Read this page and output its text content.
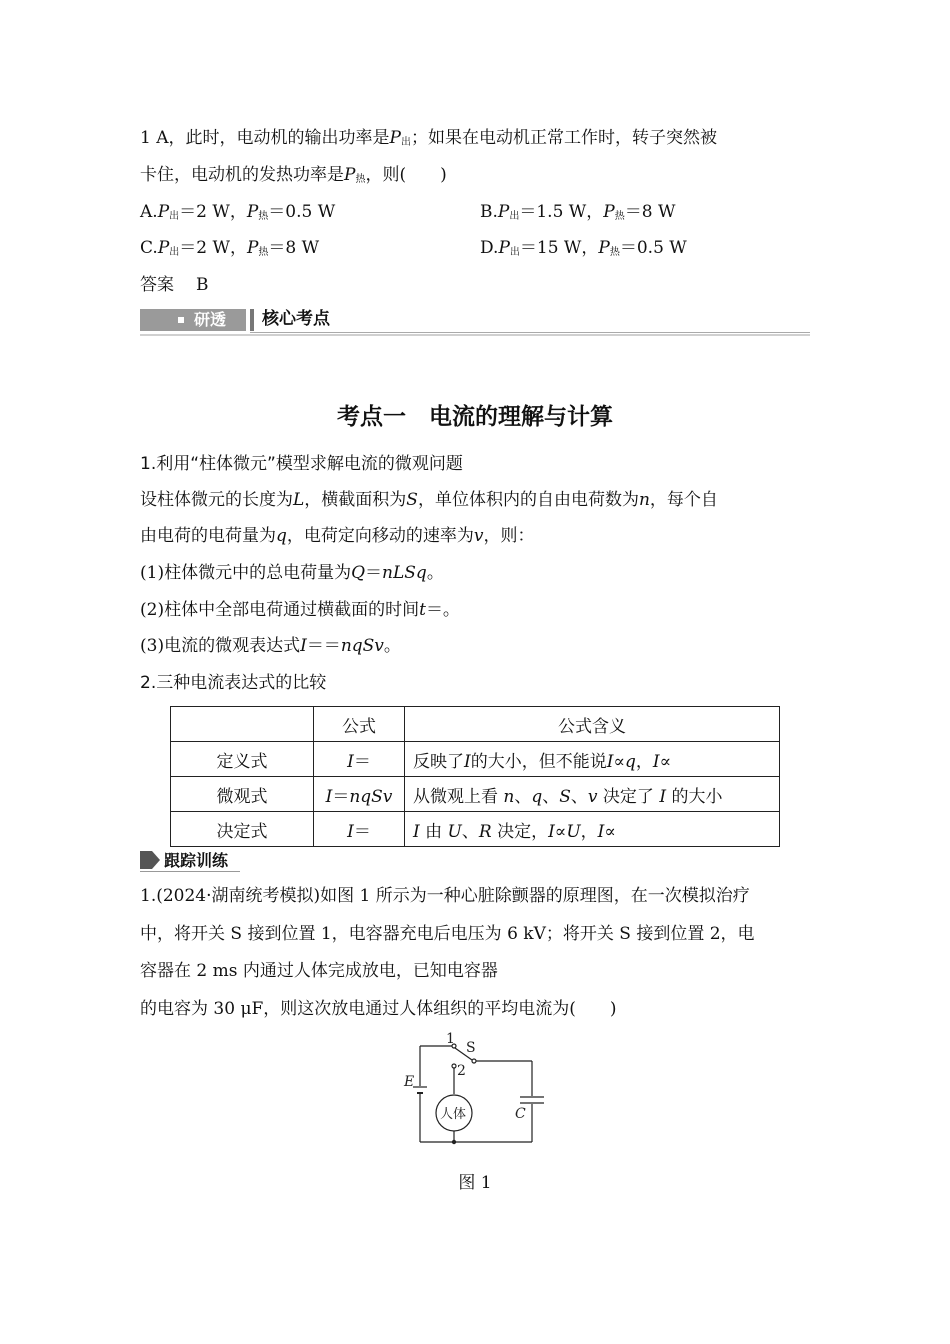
1 A，此时，电动机的输出功率是$P_出$；如果在电动机正常工作时，转子突然被
卡住，电动机的发热功率是$P_热$，则(　　)
$A.P_出=2$ W，$P_热=0.5$ W	$B.P_出=1.5$ W，$P_热=8$ W
$C.P_出=2$ W，$P_热=8$ W	$D.P_出=15$ W，$P_热=0.5$ W
答案 B
研透 核心考点
考点一　电流的理解与计算
1.利用“柱体微元”模型求解电流的微观问题
设柱体微元的长度为L，横截面积为S，单位体积内的自由电荷数为n，每个自
由电荷的电荷量为q，电荷定向移动的速率为v，则：
(1)柱体微元中的总电荷量为Q＝nLSq。
(2)柱体中全部电荷通过横截面的时间t＝。
(3)电流的微观表达式I＝＝nqSv。
2.三种电流表达式的比较
	公式	公式含义
定义式	I＝	反映了I的大小，但不能说I∝q，I∝
微观式	I＝nqSv	从微观上看 n、q、S、v 决定了 I 的大小
决定式	I＝	I 由 U、R 决定，I∝U，I∝
跟踪训练
1.(2024·湖南统考模拟)如图 1 所示为一种心脏除颤器的原理图，在一次模拟治疗
中，将开关 S 接到位置 1，电容器充电后电压为 6 kV；将开关 S 接到位置 2，电
容器在 2 ms 内通过人体完成放电，已知电容器
的电容为 30 μF，则这次放电通过人体组织的平均电流为(　　)
1
S
2
E
C
人体
图 1
